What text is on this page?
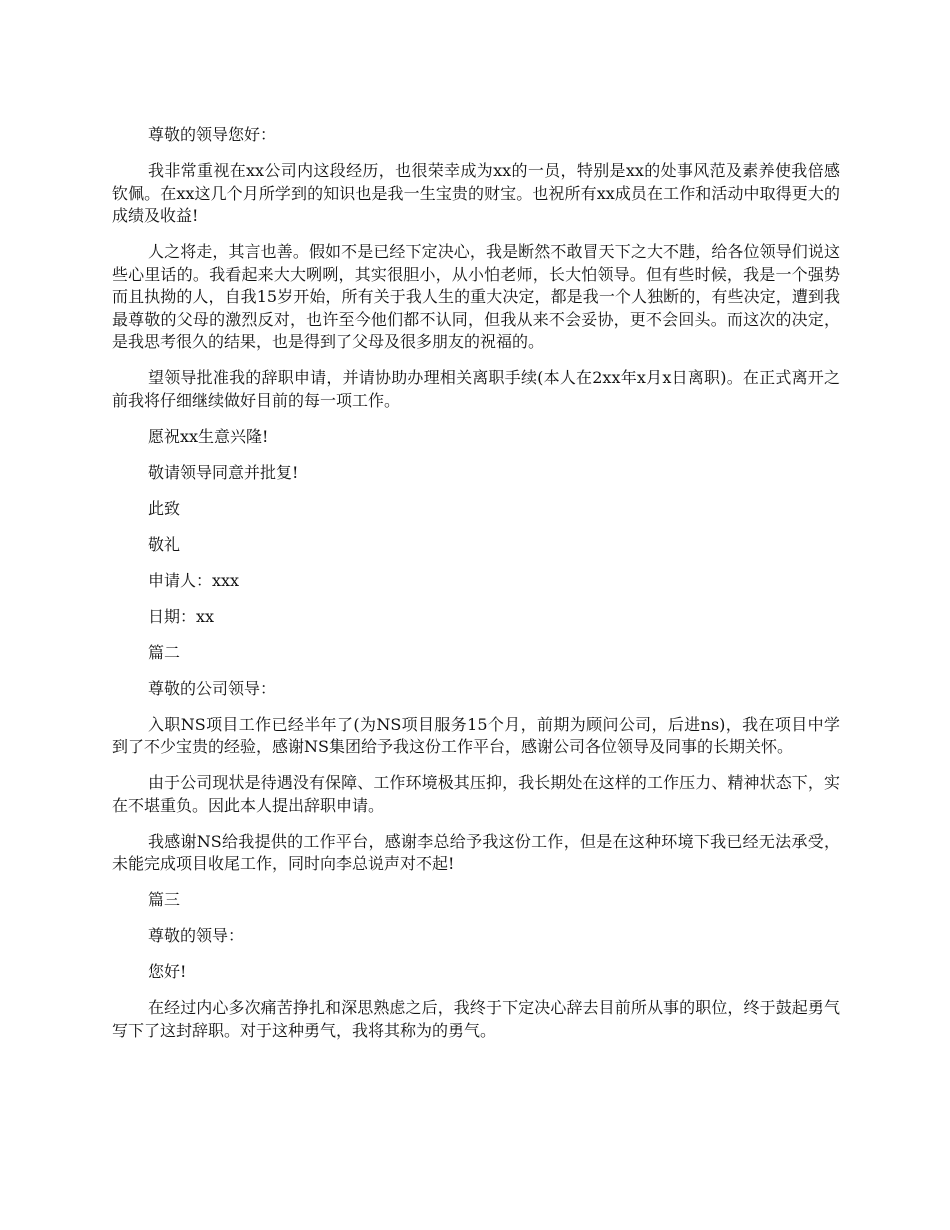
尊敬的领导您好：

我非常重视在xx公司内这段经历，也很荣幸成为xx的一员，特别是xx的处事风范及素养使我倍感钦佩。在xx这几个月所学到的知识也是我一生宝贵的财宝。也祝所有xx成员在工作和活动中取得更大的成绩及收益!

人之将走，其言也善。假如不是已经下定决心，我是断然不敢冒天下之大不韪，给各位领导们说这些心里话的。我看起来大大咧咧，其实很胆小，从小怕老师，长大怕领导。但有些时候，我是一个强势而且执拗的人，自我15岁开始，所有关于我人生的重大决定，都是我一个人独断的，有些决定，遭到我最尊敬的父母的激烈反对，也许至今他们都不认同，但我从来不会妥协，更不会回头。而这次的决定，是我思考很久的结果，也是得到了父母及很多朋友的祝福的。

望领导批准我的辞职申请，并请协助办理相关离职手续(本人在2xx年x月x日离职)。在正式离开之前我将仔细继续做好目前的每一项工作。

愿祝xx生意兴隆!

敬请领导同意并批复!

此致

敬礼

申请人：xxx

日期：xx

篇二

尊敬的公司领导：

入职NS项目工作已经半年了(为NS项目服务15个月，前期为顾问公司，后进ns)，我在项目中学到了不少宝贵的经验，感谢NS集团给予我这份工作平台，感谢公司各位领导及同事的长期关怀。

由于公司现状是待遇没有保障、工作环境极其压抑，我长期处在这样的工作压力、精神状态下，实在不堪重负。因此本人提出辞职申请。

我感谢NS给我提供的工作平台，感谢李总给予我这份工作，但是在这种环境下我已经无法承受，未能完成项目收尾工作，同时向李总说声对不起!

篇三

尊敬的领导：

您好!

在经过内心多次痛苦挣扎和深思熟虑之后，我终于下定决心辞去目前所从事的职位，终于鼓起勇气写下了这封辞职。对于这种勇气，我将其称为的勇气。
